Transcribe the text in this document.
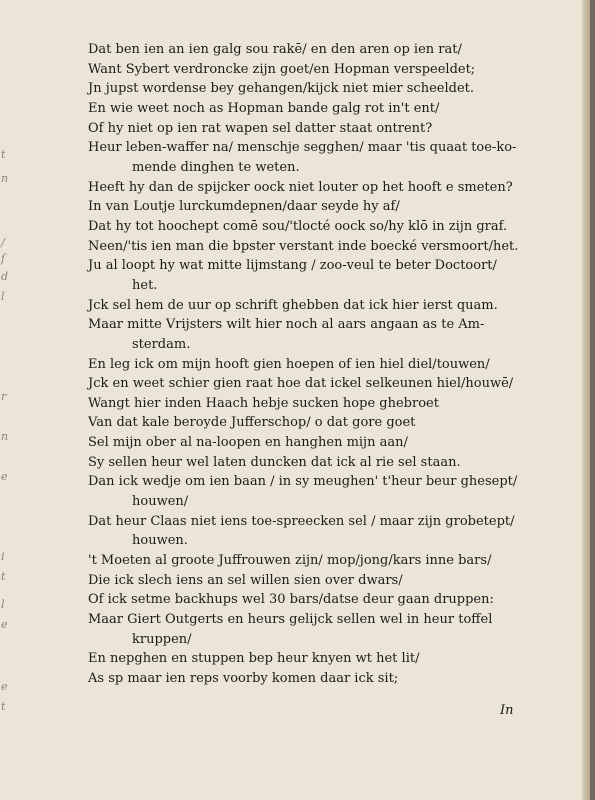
t
n
/
ſ
d
l
r
n
e
i
t
l
e
e
t
Dat ben ien an ien galg sou rakē/ en den aren op ien rat/
Want Sybert verdroncke zijn goet/en Hopman verspeeldet;
Jn jupst wordense bey gehangen/kijck niet mier scheeldet.
En wie weet noch as Hopman bande galg rot in't ent/
Of hy niet op ien rat wapen sel datter staat ontrent?
Heur leben-waffer na/ menschje segghen/ maar 'tis quaat toe-ko-
mende dinghen te weten.
Heeft hy dan de spijcker oock niet louter op het hooft e smeten?
In van Loutje lurckumdepnen/daar seyde hy af/
Dat hy tot hoochept comē sou/'tlocté oock so/hy klō in zijn graf.
Neen/'tis ien man die bpster verstant inde boecké versmoort/het.
Ju al loopt hy wat mitte lijmstang / zoo-veul te beter Doctoort/
het.
Jck sel hem de uur op schrift ghebben dat ick hier ierst quam.
Maar mitte Vrijsters wilt hier noch al aars angaan as te Am-
sterdam.
En leg ick om mijn hooft gien hoepen of ien hiel diel/touwen/
Jck en weet schier gien raat hoe dat ickel selkeunen hiel/houwē/
Wangt hier inden Haach hebje sucken hope ghebroet
Van dat kale beroyde Jufferschop/ o dat gore goet
Sel mijn ober al na-loopen en hanghen mijn aan/
Sy sellen heur wel laten duncken dat ick al rie sel staan.
Dan ick wedje om ien baan / in sy meughen' t'heur beur ghesept/
houwen/
Dat heur Claas niet iens toe-spreecken sel / maar zijn grobetept/
houwen.
't Moeten al groote Juffrouwen zijn/ mop/jong/kars inne bars/
Die ick slech iens an sel willen sien over dwars/
Of ick setme backhups wel 30 bars/datse deur gaan druppen:
Maar Giert Outgerts en heurs gelijck sellen wel in heur toffel
kruppen/
En nepghen en stuppen bep heur knyen wt het lit/
As sp maar ien reps voorby komen daar ick sit;
In
